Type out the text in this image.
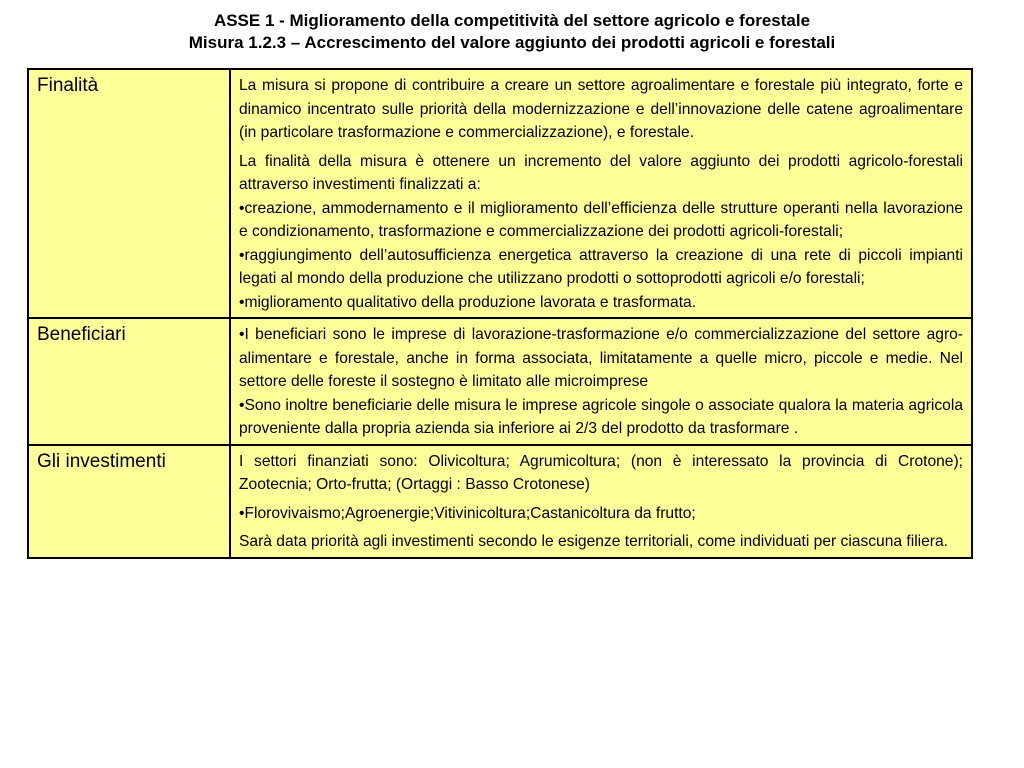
ASSE 1 - Miglioramento della competitività del settore agricolo e forestale
Misura 1.2.3 – Accrescimento del valore aggiunto dei prodotti agricoli e forestali
Finalità	La misura si propone di contribuire a creare un settore agroalimentare e forestale più integrato, forte e dinamico incentrato sulle priorità della modernizzazione e dell’innovazione delle catene agroalimentare (in particolare trasformazione e commercializzazione), e forestale.

La finalità della misura è ottenere un incremento del valore aggiunto dei prodotti agricolo-forestali attraverso investimenti finalizzati a:

•creazione, ammodernamento e il miglioramento dell’efficienza delle strutture operanti nella lavorazione e condizionamento, trasformazione e commercializzazione dei prodotti agricoli-forestali;

•raggiungimento dell’autosufficienza energetica attraverso la creazione di una rete di piccoli impianti legati al mondo della produzione che utilizzano prodotti o sottoprodotti agricoli e/o forestali;

•miglioramento qualitativo della produzione lavorata e trasformata.

Beneficiari	•I beneficiari sono le imprese di lavorazione-trasformazione e/o commercializzazione del settore agro-alimentare e forestale, anche in forma associata, limitatamente a quelle micro, piccole e medie. Nel settore delle foreste il sostegno è limitato alle microimprese

•Sono inoltre beneficiarie delle misura le imprese agricole singole o associate qualora la materia agricola proveniente dalla propria azienda sia inferiore ai 2/3 del prodotto da trasformare .

Gli investimenti	I settori finanziati sono: Olivicoltura; Agrumicoltura; (non è interessato la provincia di Crotone); Zootecnia; Orto-frutta; (Ortaggi : Basso Crotonese)

•Florovivaismo;Agroenergie;Vitivinicoltura;Castanicoltura da frutto;

Sarà data priorità agli investimenti secondo le esigenze territoriali, come individuati per ciascuna filiera.
